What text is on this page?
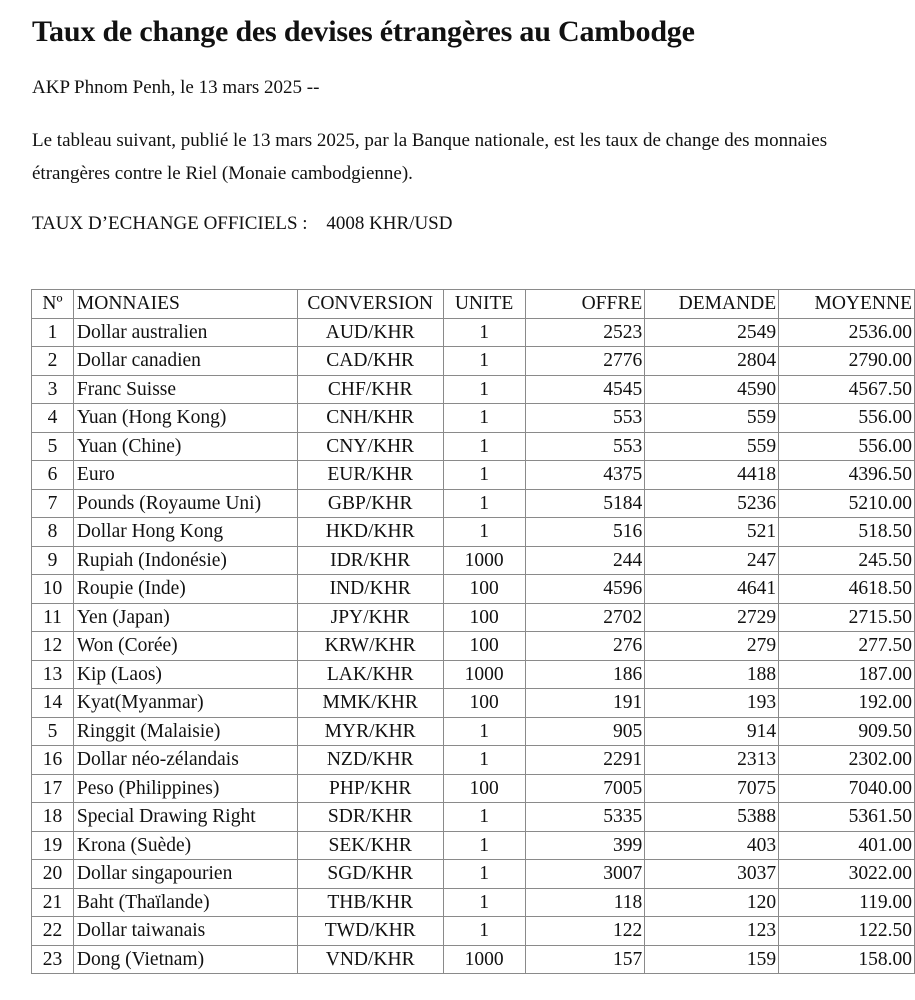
Taux de change des devises étrangères au Cambodge
AKP Phnom Penh, le 13 mars 2025 --

Le tableau suivant, publié le 13 mars 2025, par la Banque nationale, est les taux de change des monnaies étrangères contre le Riel (Monaie cambodgienne).

TAUX D’ECHANGE OFFICIELS : 4008 KHR/USD
Nº	MONNAIES	CONVERSION	UNITE	OFFRE	DEMANDE	MOYENNE
1	Dollar australien	AUD/KHR	1	2523	2549	2536.00
2	Dollar canadien	CAD/KHR	1	2776	2804	2790.00
3	Franc Suisse	CHF/KHR	1	4545	4590	4567.50
4	Yuan (Hong Kong)	CNH/KHR	1	553	559	556.00
5	Yuan (Chine)	CNY/KHR	1	553	559	556.00
6	Euro	EUR/KHR	1	4375	4418	4396.50
7	Pounds (Royaume Uni)	GBP/KHR	1	5184	5236	5210.00
8	Dollar Hong Kong	HKD/KHR	1	516	521	518.50
9	Rupiah (Indonésie)	IDR/KHR	1000	244	247	245.50
10	Roupie (Inde)	IND/KHR	100	4596	4641	4618.50
11	Yen (Japan)	JPY/KHR	100	2702	2729	2715.50
12	Won (Corée)	KRW/KHR	100	276	279	277.50
13	Kip (Laos)	LAK/KHR	1000	186	188	187.00
14	Kyat(Myanmar)	MMK/KHR	100	191	193	192.00
5	Ringgit (Malaisie)	MYR/KHR	1	905	914	909.50
16	Dollar néo-zélandais	NZD/KHR	1	2291	2313	2302.00
17	Peso (Philippines)	PHP/KHR	100	7005	7075	7040.00
18	Special Drawing Right	SDR/KHR	1	5335	5388	5361.50
19	Krona (Suède)	SEK/KHR	1	399	403	401.00
20	Dollar singapourien	SGD/KHR	1	3007	3037	3022.00
21	Baht (Thaïlande)	THB/KHR	1	118	120	119.00
22	Dollar taiwanais	TWD/KHR	1	122	123	122.50
23	Dong (Vietnam)	VND/KHR	1000	157	159	158.00
